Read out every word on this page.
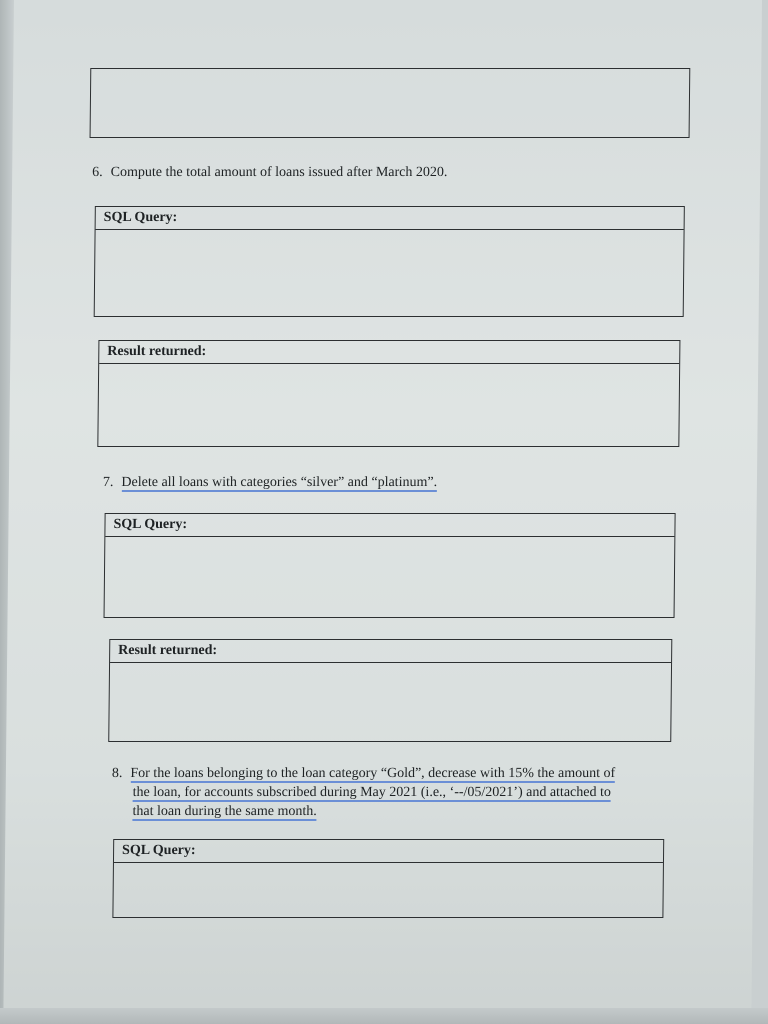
6. Compute the total amount of loans issued after March 2020.
SQL Query:
Result returned:
7. Delete all loans with categories “silver” and “platinum”.
SQL Query:
Result returned:
8. For the loans belonging to the loan category “Gold”, decrease with 15% the amount of
the loan, for accounts subscribed during May 2021 (i.e., ‘--/05/2021’) and attached to
that loan during the same month.
SQL Query:
